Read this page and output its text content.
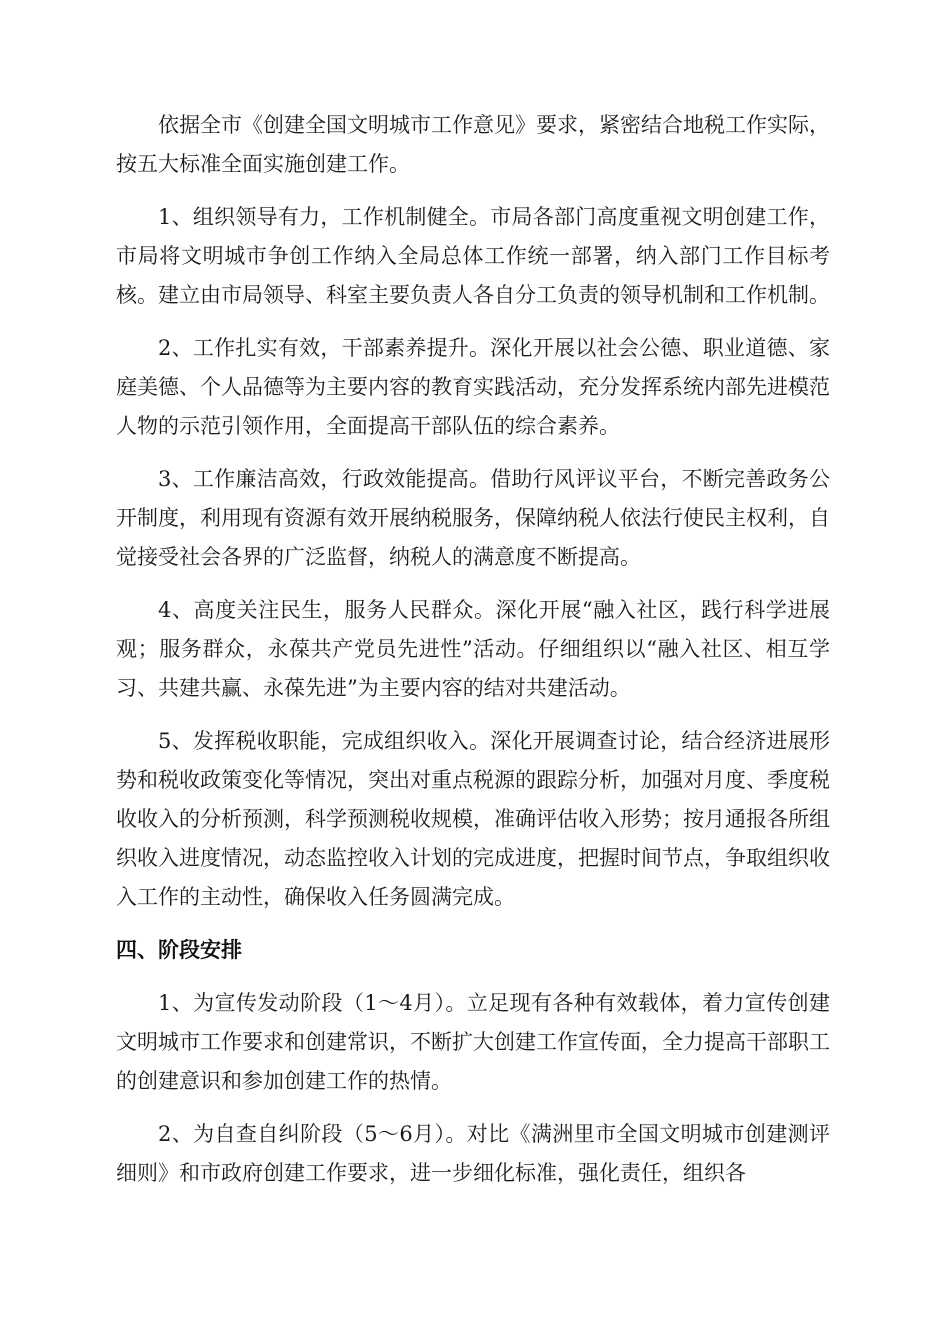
依据全市《创建全国文明城市工作意见》要求，紧密结合地税工作实际，按五大标准全面实施创建工作。

1、组织领导有力，工作机制健全。市局各部门高度重视文明创建工作，市局将文明城市争创工作纳入全局总体工作统一部署，纳入部门工作目标考核。建立由市局领导、科室主要负责人各自分工负责的领导机制和工作机制。

2、工作扎实有效，干部素养提升。深化开展以社会公德、职业道德、家庭美德、个人品德等为主要内容的教育实践活动，充分发挥系统内部先进模范人物的示范引领作用，全面提高干部队伍的综合素养。

3、工作廉洁高效，行政效能提高。借助行风评议平台，不断完善政务公开制度，利用现有资源有效开展纳税服务，保障纳税人依法行使民主权利，自觉接受社会各界的广泛监督，纳税人的满意度不断提高。

4、高度关注民生，服务人民群众。深化开展“融入社区，践行科学进展观；服务群众，永葆共产党员先进性”活动。仔细组织以“融入社区、相互学习、共建共赢、永葆先进”为主要内容的结对共建活动。

5、发挥税收职能，完成组织收入。深化开展调查讨论，结合经济进展形势和税收政策变化等情况，突出对重点税源的跟踪分析，加强对月度、季度税收收入的分析预测，科学预测税收规模，准确评估收入形势；按月通报各所组织收入进度情况，动态监控收入计划的完成进度，把握时间节点，争取组织收入工作的主动性，确保收入任务圆满完成。

四、阶段安排

1、为宣传发动阶段（1～4月）。立足现有各种有效载体，着力宣传创建文明城市工作要求和创建常识，不断扩大创建工作宣传面，全力提高干部职工的创建意识和参加创建工作的热情。

2、为自查自纠阶段（5～6月）。对比《满洲里市全国文明城市创建测评细则》和市政府创建工作要求，进一步细化标准，强化责任，组织各
